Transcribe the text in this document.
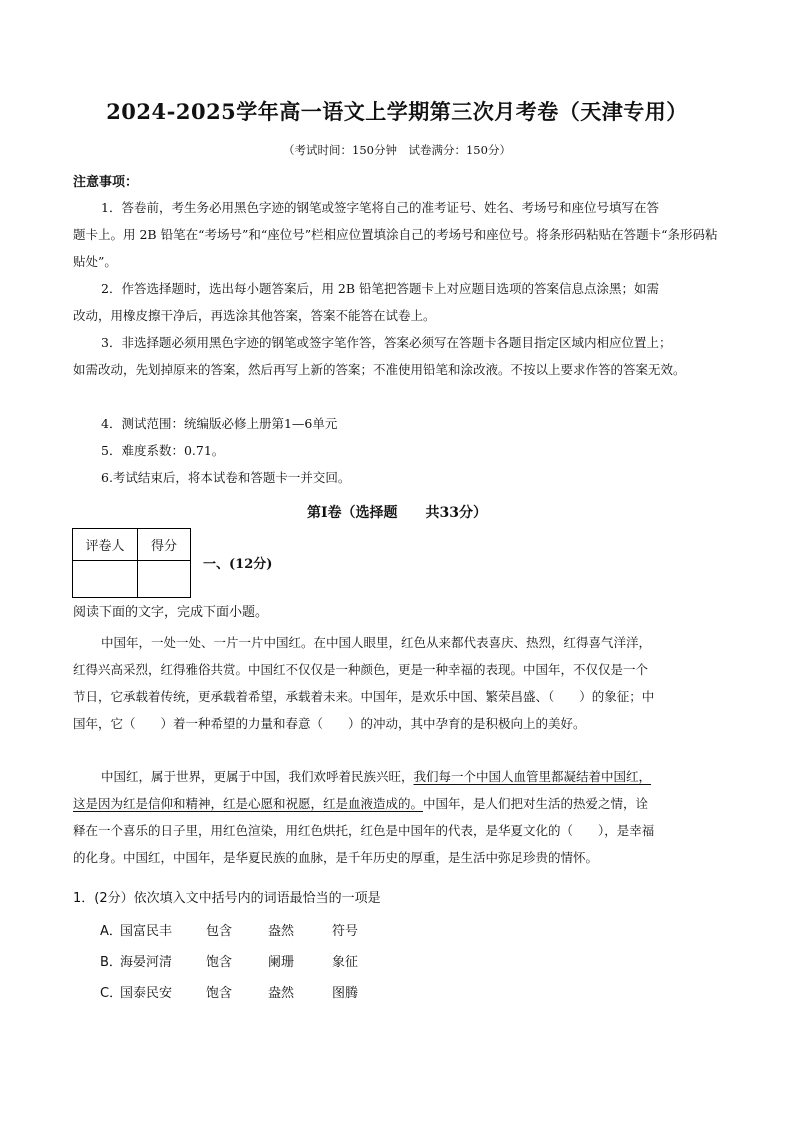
2024-2025学年高一语文上学期第三次月考卷（天津专用）
（考试时间：150分钟　试卷满分：150分）
注意事项：
1．答卷前，考生务必用黑色字迹的钢笔或签字笔将自己的准考证号、姓名、考场号和座位号填写在答
题卡上。用 2B 铅笔在“考场号”和“座位号”栏相应位置填涂自己的考场号和座位号。将条形码粘贴在答题卡“条形码粘贴处”。
2．作答选择题时，选出每小题答案后，用 2B 铅笔把答题卡上对应题目选项的答案信息点涂黑；如需
改动，用橡皮擦干净后，再选涂其他答案，答案不能答在试卷上。
3．非选择题必须用黑色字迹的钢笔或签字笔作答，答案必须写在答题卡各题目指定区域内相应位置上；
如需改动，先划掉原来的答案，然后再写上新的答案；不准使用铅笔和涂改液。不按以上要求作答的答案无效。
4．测试范围：统编版必修上册第1—6单元
5．难度系数：0.71。
6.考试结束后，将本试卷和答题卡一并交回。
第Ⅰ卷（选择题　　共33分）
评卷人	得分

一、(12分)
阅读下面的文字，完成下面小题。
中国年，一处一处、一片一片中国红。在中国人眼里，红色从来都代表喜庆、热烈，红得喜气洋洋，
红得兴高采烈，红得雅俗共赏。中国红不仅仅是一种颜色，更是一种幸福的表现。中国年，不仅仅是一个
节日，它承载着传统，更承载着希望，承载着未来。中国年，是欢乐中国、繁荣昌盛、（　　）的象征；中
国年，它（　　）着一种希望的力量和春意（　　）的冲动，其中孕育的是积极向上的美好。
中国红，属于世界，更属于中国，我们欢呼着民族兴旺，我们每一个中国人血管里都凝结着中国红，
这是因为红是信仰和精神，红是心愿和祝愿，红是血液造成的。中国年，是人们把对生活的热爱之情，诠
释在一个喜乐的日子里，用红色渲染，用红色烘托，红色是中国年的代表，是华夏文化的（　　），是幸福
的化身。中国红，中国年，是华夏民族的血脉，是千年历史的厚重，是生活中弥足珍贵的情怀。
1．(2分）依次填入文中括号内的词语最恰当的一项是
A．国富民丰	包含	盎然	符号
B．海晏河清	饱含	阑珊	象征
C．国泰民安	饱含	盎然	图腾
